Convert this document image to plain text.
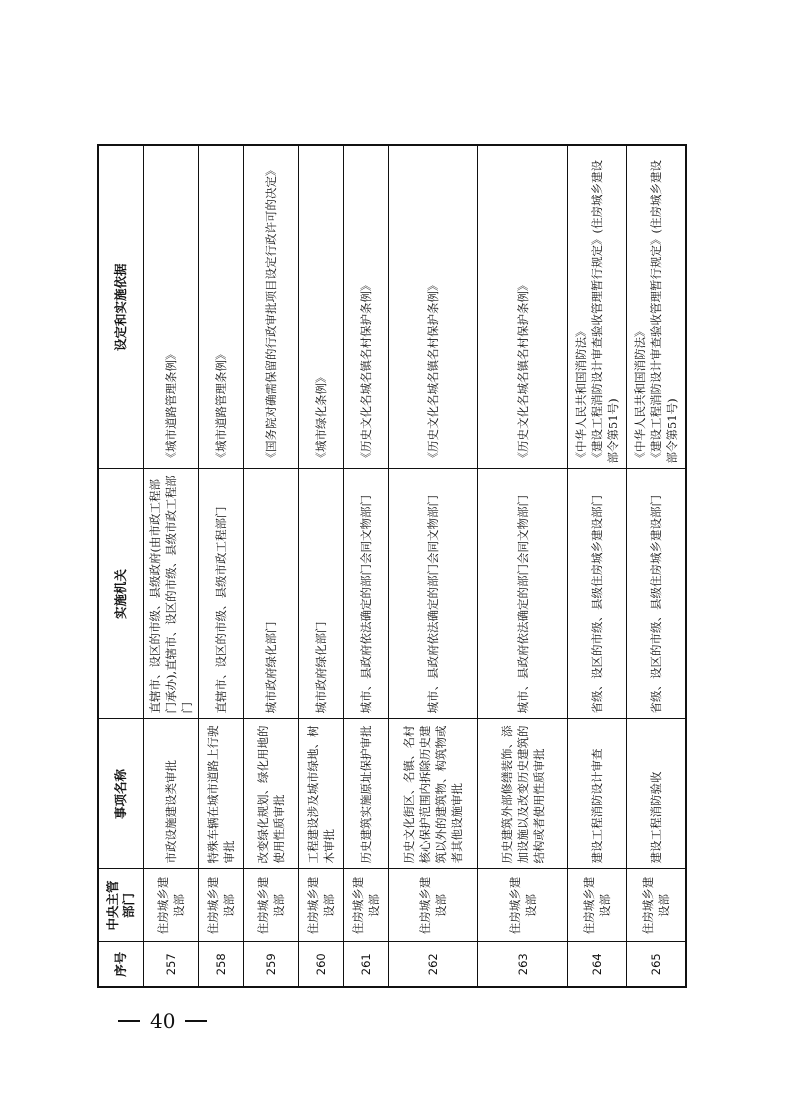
序号	中央主管部门	事项名称	实施机关	设定和实施依据
257	住房城乡建设部	市政设施建设类审批	直辖市、设区的市级、县级政府(由市政工程部门承办),直辖市、设区的市级、县级市政工程部门	《城市道路管理条例》

258	住房城乡建设部	特殊车辆在城市道路上行驶审批	直辖市、设区的市级、县级市政工程部门	《城市道路管理条例》

259	住房城乡建设部	改变绿化规划、绿化用地的使用性质审批	城市政府绿化部门	《国务院对确需保留的行政审批项目设定行政许可的决定》

260	住房城乡建设部	工程建设涉及城市绿地、树木审批	城市政府绿化部门	《城市绿化条例》

261	住房城乡建设部	历史建筑实施原址保护审批	城市、县政府依法确定的部门会同文物部门	《历史文化名城名镇名村保护条例》

262	住房城乡建设部	历史文化街区、名镇、名村核心保护范围内拆除历史建筑以外的建筑物、构筑物或者其他设施审批	城市、县政府依法确定的部门会同文物部门	《历史文化名城名镇名村保护条例》

263	住房城乡建设部	历史建筑外部修缮装饰、添加设施以及改变历史建筑的结构或者使用性质审批	城市、县政府依法确定的部门会同文物部门	《历史文化名城名镇名村保护条例》

264	住房城乡建设部	建设工程消防设计审查	省级、设区的市级、县级住房城乡建设部门	《中华人民共和国消防法》 《建设工程消防设计审查验收管理暂行规定》(住房城乡建设部令第51号)

265	住房城乡建设部	建设工程消防验收	省级、设区的市级、县级住房城乡建设部门	《中华人民共和国消防法》 《建设工程消防设计审查验收管理暂行规定》(住房城乡建设部令第51号)
40
